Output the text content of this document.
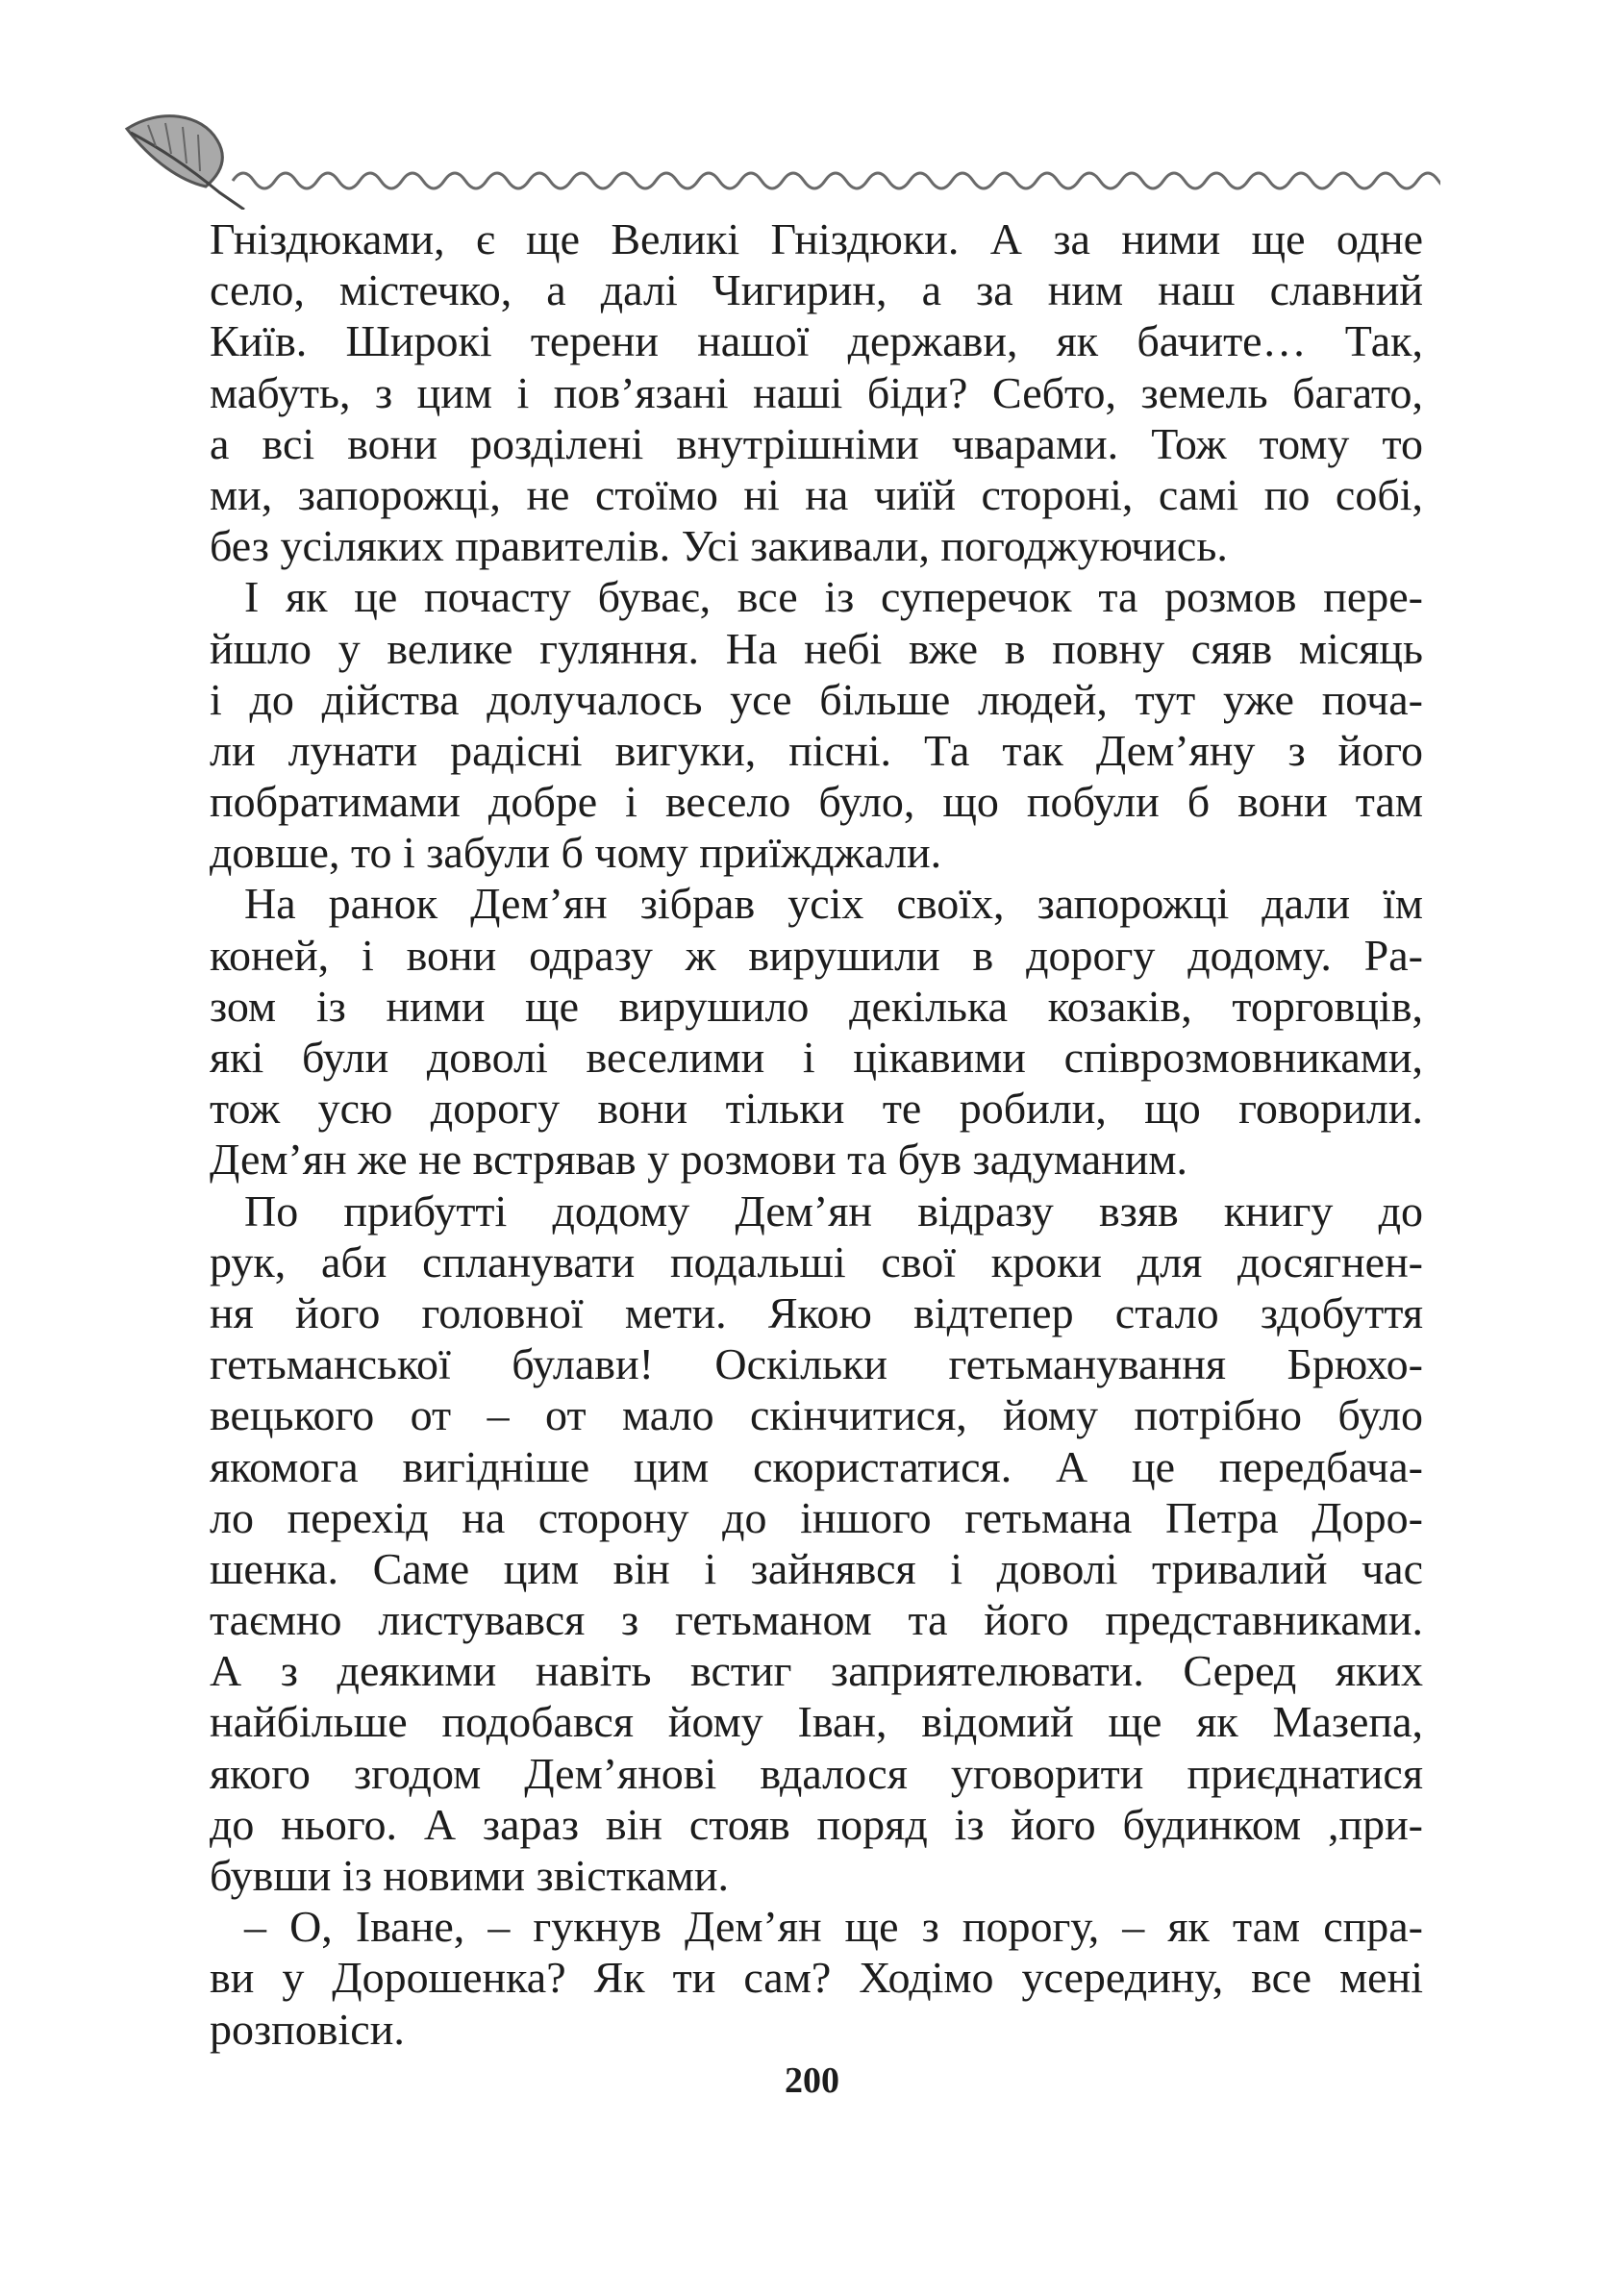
Гніздюками, є ще Великі Гніздюки. А за ними ще одне
село, містечко, а далі Чигирин, а за ним наш славний
Київ. Широкі терени нашої держави, як бачите… Так,
мабуть, з цим і пов’язані наші біди? Себто, земель багато,
а всі вони розділені внутрішніми чварами. Тож тому то
ми, запорожці, не стоїмо ні на чиїй стороні, самі по собі,
без усіляких правителів. Усі закивали, погоджуючись.
І як це почасту буває, все із суперечок та розмов пере-
йшло у велике гуляння. На небі вже в повну сяяв місяць
і до дійства долучалось усе більше людей, тут уже поча-
ли лунати радісні вигуки, пісні. Та так Дем’яну з його
побратимами добре і весело було, що побули б вони там
довше, то і забули б чому приїжджали.
На ранок Дем’ян зібрав усіх своїх, запорожці дали їм
коней, і вони одразу ж вирушили в дорогу додому. Ра-
зом із ними ще вирушило декілька козаків, торговців,
які були доволі веселими і цікавими співрозмовниками,
тож усю дорогу вони тільки те робили, що говорили.
Дем’ян же не встрявав у розмови та був задуманим.
По прибутті додому Дем’ян відразу взяв книгу до
рук, аби спланувати подальші свої кроки для досягнен-
ня його головної мети. Якою відтепер стало здобуття
гетьманської булави! Оскільки гетьманування Брюхо-
вецького от – от мало скінчитися, йому потрібно було
якомога вигідніше цим скористатися. А це передбача-
ло перехід на сторону до іншого гетьмана Петра Доро-
шенка. Саме цим він і зайнявся і доволі тривалий час
таємно листувався з гетьманом та його представниками.
А з деякими навіть встиг заприятелювати. Серед яких
найбільше подобався йому Іван, відомий ще як Мазепа,
якого згодом Дем’янові вдалося уговорити приєднатися
до нього. А зараз він стояв поряд із його будинком ,при-
бувши із новими звістками.
– О, Іване, – гукнув Дем’ян ще з порогу, – як там спра-
ви у Дорошенка? Як ти сам? Ходімо усередину, все мені
розповіси.
200
